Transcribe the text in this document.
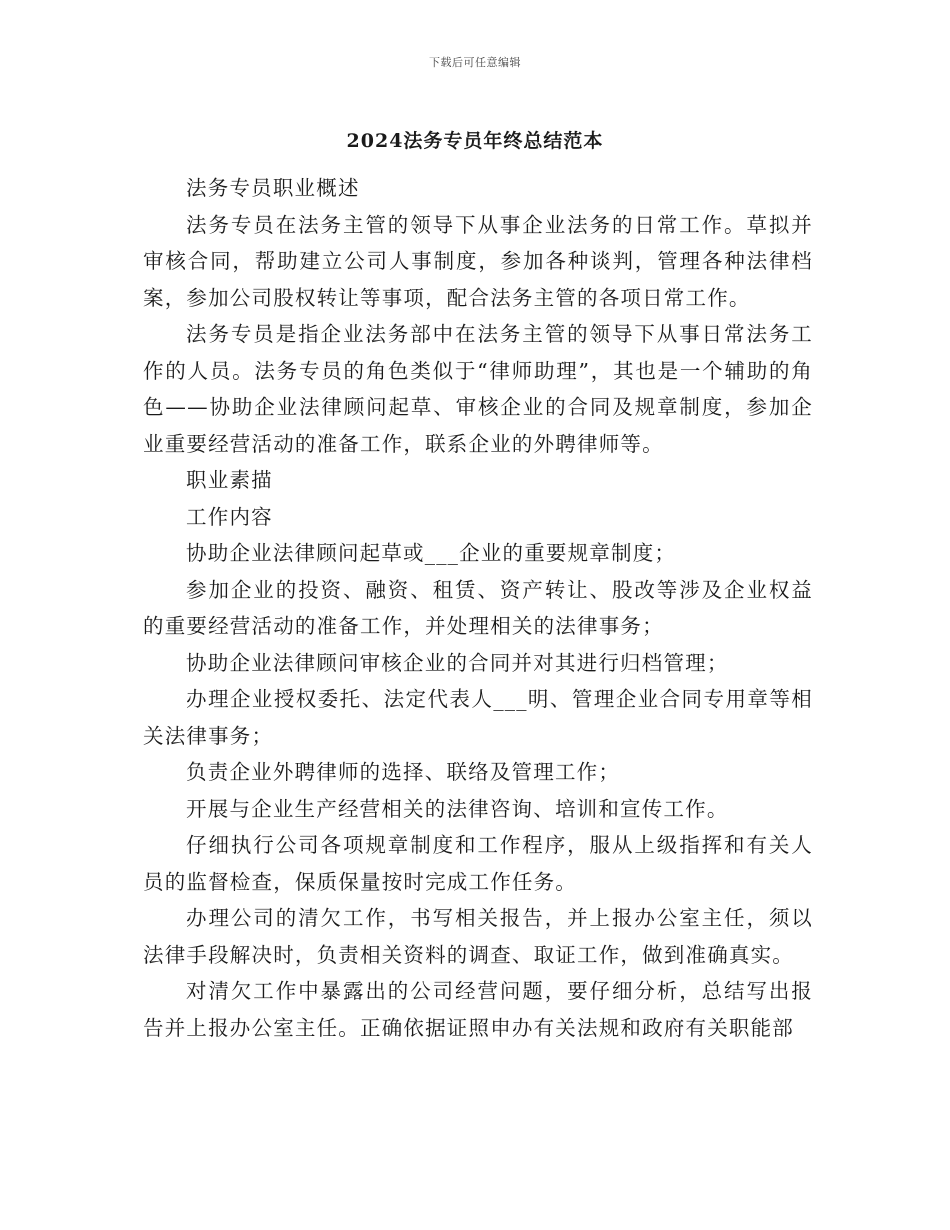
下载后可任意编辑
2024法务专员年终总结范本

法务专员职业概述

法务专员在法务主管的领导下从事企业法务的日常工作。草拟并审核合同，帮助建立公司人事制度，参加各种谈判，管理各种法律档案，参加公司股权转让等事项，配合法务主管的各项日常工作。

法务专员是指企业法务部中在法务主管的领导下从事日常法务工作的人员。法务专员的角色类似于“律师助理”，其也是一个辅助的角色——协助企业法律顾问起草、审核企业的合同及规章制度，参加企业重要经营活动的准备工作，联系企业的外聘律师等。

职业素描

工作内容

协助企业法律顾问起草或___企业的重要规章制度；

参加企业的投资、融资、租赁、资产转让、股改等涉及企业权益的重要经营活动的准备工作，并处理相关的法律事务；

协助企业法律顾问审核企业的合同并对其进行归档管理；

办理企业授权委托、法定代表人___明、管理企业合同专用章等相关法律事务；

负责企业外聘律师的选择、联络及管理工作；

开展与企业生产经营相关的法律咨询、培训和宣传工作。

仔细执行公司各项规章制度和工作程序，服从上级指挥和有关人员的监督检查，保质保量按时完成工作任务。

办理公司的清欠工作，书写相关报告，并上报办公室主任，须以法律手段解决时，负责相关资料的调查、取证工作，做到准确真实。

对清欠工作中暴露出的公司经营问题，要仔细分析，总结写出报告并上报办公室主任。正确依据证照申办有关法规和政府有关职能部
